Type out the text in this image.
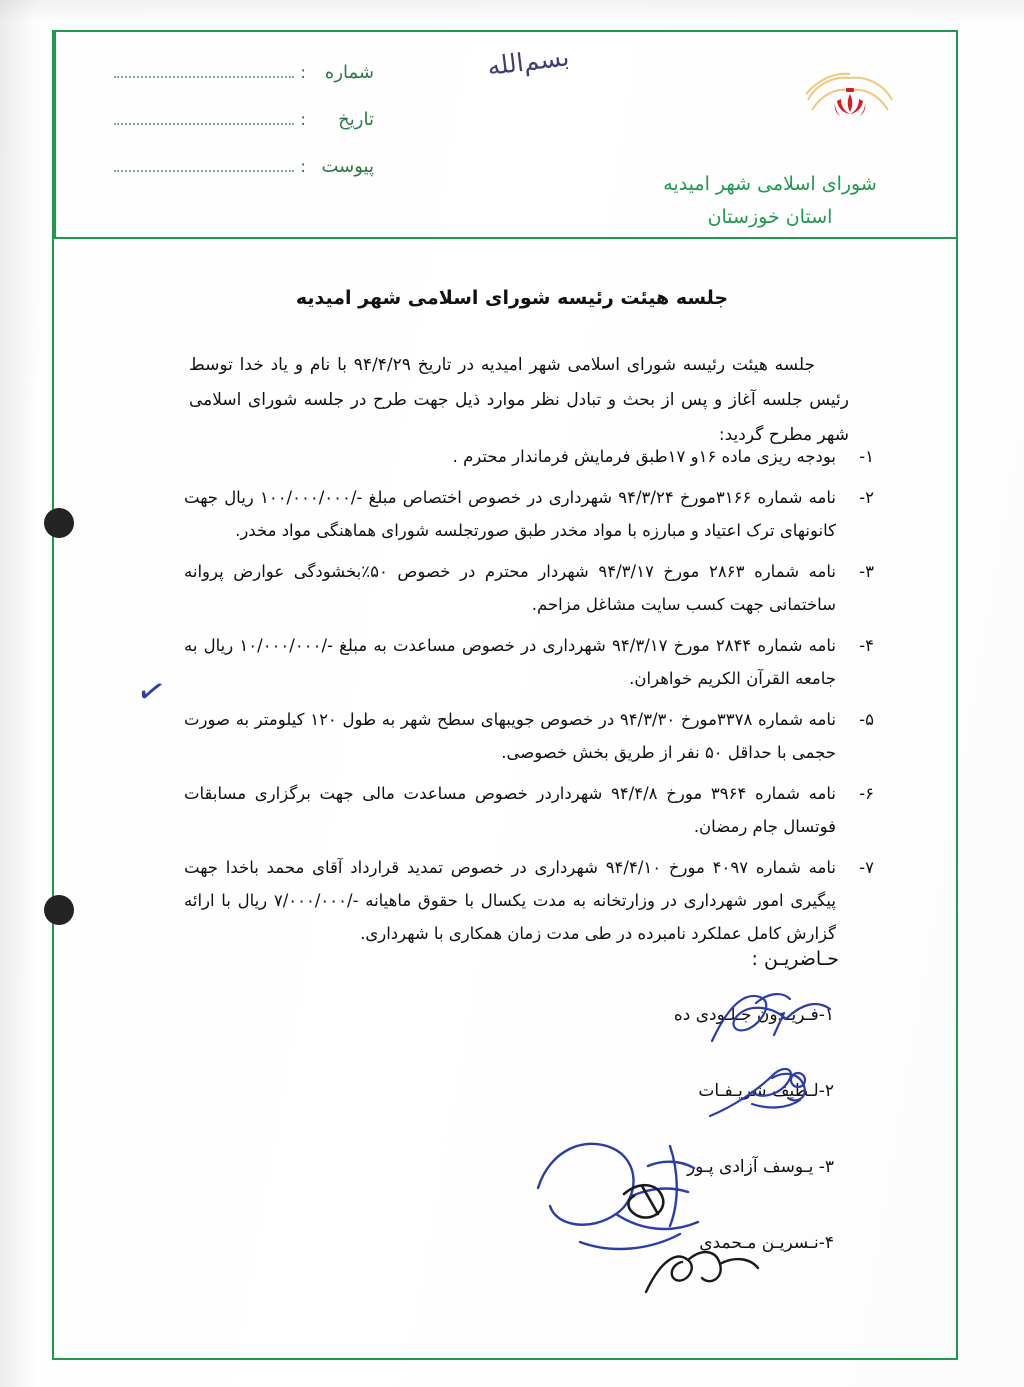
شماره
:
تاریخ
:
پیوست
:
بسم‌الله
شورای اسلامی شهر امیدیه
استان خوزستان
جلسه هیئت رئیسه شورای اسلامی شهر امیدیه
جلسه هیئت رئیسه شورای اسلامی شهر امیدیه در تاریخ ۹۴/۴/۲۹ با نام و یاد خدا توسط رئیس جلسه آغاز و پس از بحث و تبادل نظر موارد ذیل جهت طرح در جلسه شورای اسلامی شهر مطرح گردید:
۱-
بودجه ریزی ماده ۱۶و ۱۷طبق فرمایش فرماندار محترم .
۲-
نامه شماره ۳۱۶۶مورخ ۹۴/۳/۲۴ شهرداری در خصوص اختصاص مبلغ -/۱۰۰/۰۰۰/۰۰۰ ریال جهت کانونهای ترک اعتیاد و مبارزه با مواد مخدر طبق صورتجلسه شورای هماهنگی مواد مخدر.
۳-
نامه شماره ۲۸۶۳ مورخ ۹۴/۳/۱۷ شهردار محترم در خصوص ۵۰٪بخشودگی عوارض پروانه ساختمانی جهت کسب سایت مشاغل مزاحم.
۴-
نامه شماره ۲۸۴۴ مورخ ۹۴/۳/۱۷ شهرداری در خصوص مساعدت به مبلغ -/۱۰/۰۰۰/۰۰۰ ریال به جامعه القرآن الکریم خواهران.
۵-
نامه شماره ۳۳۷۸مورخ ۹۴/۳/۳۰ در خصوص جویبهای سطح شهر به طول ۱۲۰ کیلومتر به صورت حجمی با حداقل ۵۰ نفر از طریق بخش خصوصی.
۶-
نامه شماره ۳۹۶۴ مورخ ۹۴/۴/۸ شهرداردر خصوص مساعدت مالی جهت برگزاری مسابقات فوتسال جام رمضان.
۷-
نامه شماره ۴۰۹۷ مورخ ۹۴/۴/۱۰ شهرداری در خصوص تمدید قرارداد آقای محمد باخدا جهت پیگیری امور شهرداری در وزارتخانه به مدت یکسال با حقوق ماهیانه -/۷/۰۰۰/۰۰۰ ریال با ارائه گزارش کامل عملکرد نامبرده در طی مدت زمان همکاری با شهرداری.
✓
حـاضریـن :
۱-فـریـدون جـلـودی ده
۲-لـطیف شریـفـات
۳- یـوسف آزادی پـور
۴-نـسریـن مـحمدی
